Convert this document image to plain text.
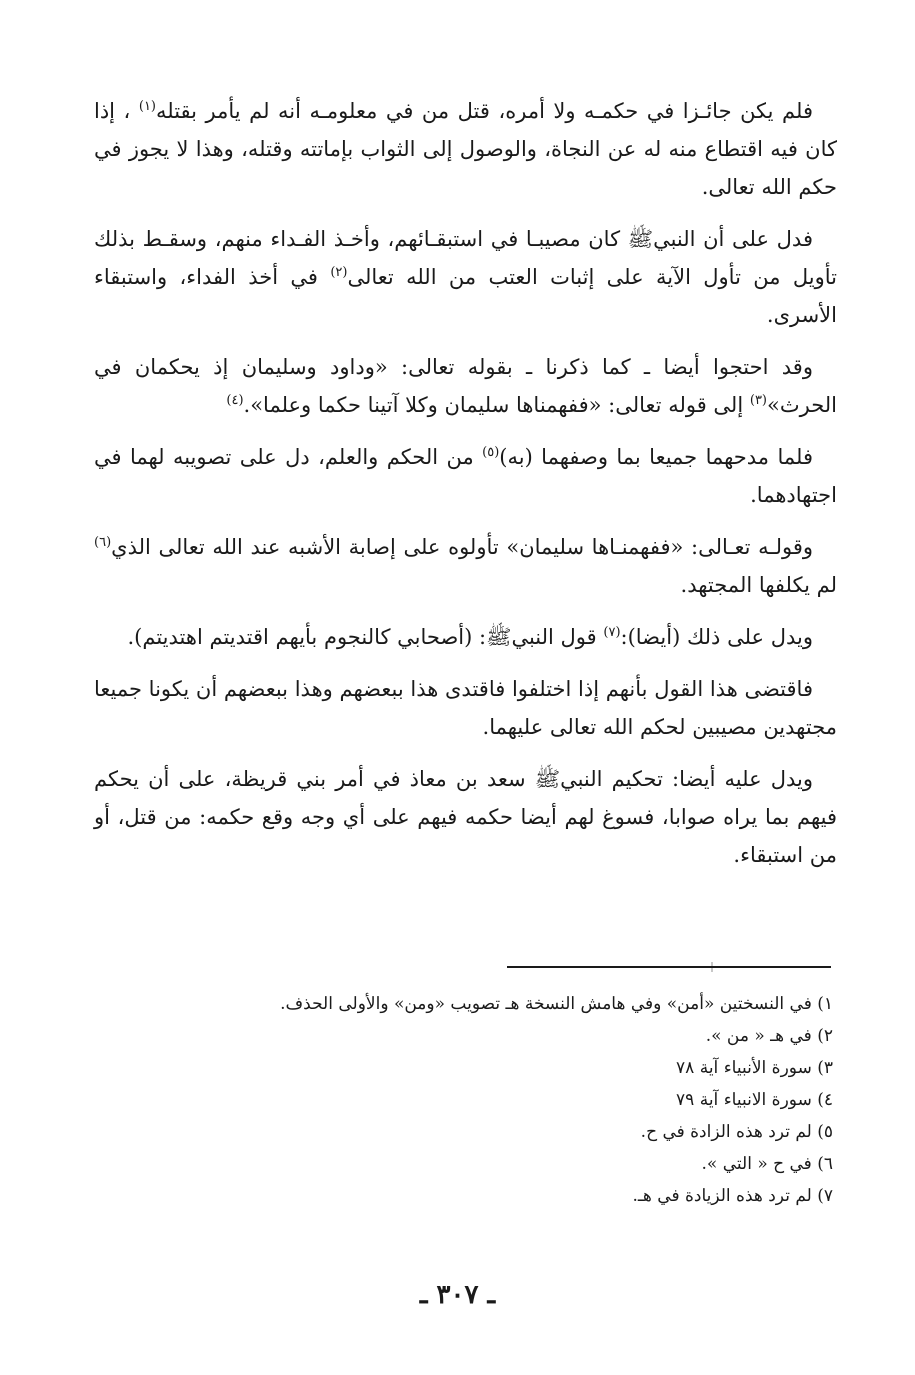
فلم يكن جائـزا في حكمـه ولا أمره، قتل من في معلومـه أنه لم يأمر بقتله$^{(١)}$ ، إذا كان فيه اقتطاع منه له عن النجاة، والوصول إلى الثواب بإماتته وقتله، وهذا لا يجوز في حكم الله تعالى.

فدل على أن النبيﷺ كان مصيبـا في استبقـائهم، وأخـذ الفـداء منهم، وسقـط بذلك تأويل من تأول الآية على إثبات العتب من الله تعالى$^{(٢)}$ في أخذ الفداء، واستبقاء الأسرى.

وقد احتجوا أيضا ـ كما ذكرنا ـ بقوله تعالى: «وداود وسليمان إذ يحكمان في الحرث»$^{(٣)}$ إلى قوله تعالى: «ففهمناها سليمان وكلا آتينا حكما وعلما».$^{(٤)}$

فلما مدحهما جميعا بما وصفهما (به)$^{(٥)}$ من الحكم والعلم، دل على تصويبه لهما في اجتهادهما.

وقولـه تعـالى: «ففهمنـاها سليمان» تأولوه على إصابة الأشبه عند الله تعالى الذي$^{(٦)}$ لم يكلفها المجتهد.

ويدل على ذلك (أيضا):$^{(٧)}$ قول النبيﷺ: (أصحابي كالنجوم بأيهم اقتديتم اهتديتم).

فاقتضى هذا القول بأنهم إذا اختلفوا فاقتدى هذا ببعضهم وهذا ببعضهم أن يكونا جميعا مجتهدين مصيبين لحكم الله تعالى عليهما.

ويدل عليه أيضا: تحكيم النبيﷺ سعد بن معاذ في أمر بني قريظة، على أن يحكم فيهم بما يراه صوابا، فسوغ لهم أيضا حكمه فيهم على أي وجه وقع حكمه: من قتل، أو من استبقاء.

١) في النسختين «أمن» وفي هامش النسخة هـ تصويب «ومن» والأولى الحذف.
٢) في هـ « من ».
٣) سورة الأنبياء آية ٧٨
٤) سورة الانبياء آية ٧٩
٥) لم ترد هذه الزادة في ح.
٦) في ح « التي ».
٧) لم ترد هذه الزيادة في هـ.
ـ ٣٠٧ ـ
